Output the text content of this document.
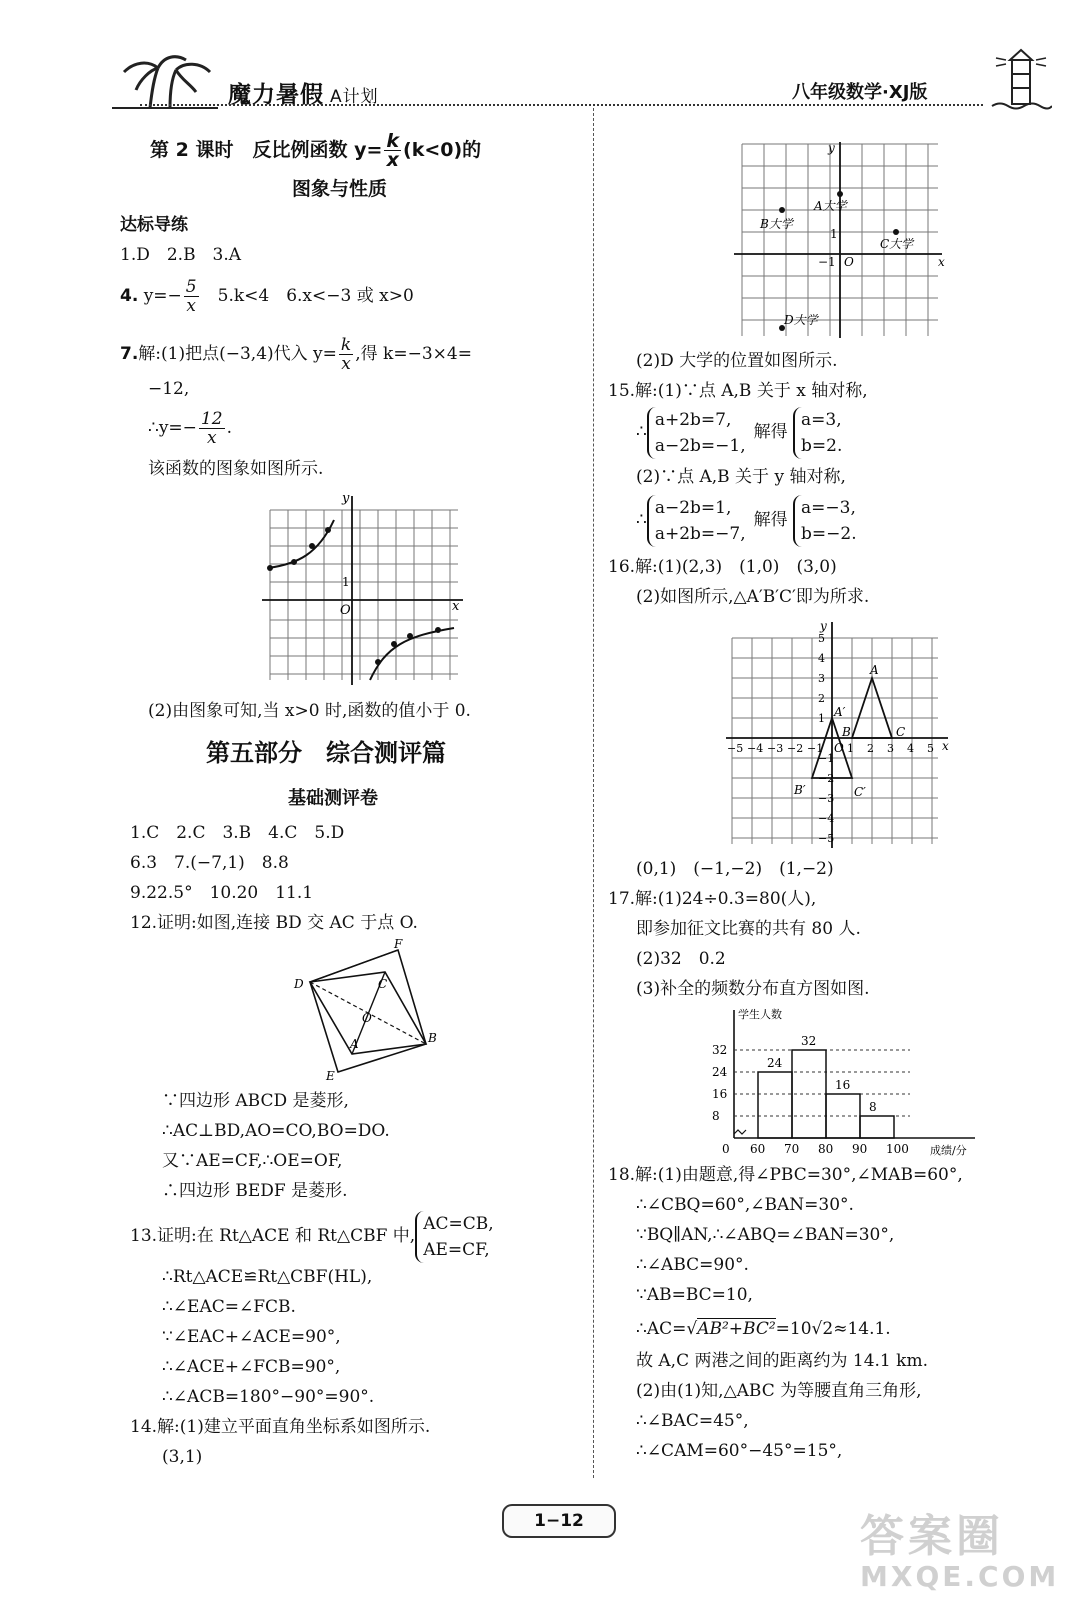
魔力暑假 A计划	八年级数学·XJ版
第 2 课时　反比例函数 $y= \frac{k}{x} (k<0)$的
图象与性质
达标导练
1.D　2.B　3.A
4. $y=- \frac{5}{x}$
　 5.k<4　6.x<−3 或 x>0
7.解:(1)把点(−3,4)代入 $y= \frac{k}{x}$ ,得 k=−3×4=
−12,
∴y=− $\frac{12}{x}$ .
该函数的图象如图所示.
y
x
O
1
(2)由图象可知,当 x>0 时,函数的值小于 0.
第五部分　综合测评篇
基础测评卷
1.C　2.C　3.B　4.C　5.D
6.3　7.(−7,1)　8.8
9.22.5°　10.20　11.1
12.证明:如图,连接 BD 交 AC 于点 O.
F
D	C
O
A	B
E
∵四边形 ABCD 是菱形,
∴AC⊥BD,AO=CO,BO=DO.
又∵AE=CF,∴OE=OF,
∴四边形 BEDF 是菱形.
13.证明:在 Rt△ACE 和 Rt△CBF 中,
AC=CB,
AE=CF,
∴Rt△ACE≌Rt△CBF(HL),
∴∠EAC=∠FCB.
∵∠EAC+∠ACE=90°,
∴∠ACE+∠FCB=90°,
∴∠ACB=180°−90°=90°.
14.解:(1)建立平面直角坐标系如图所示.
(3,1)
y
x
A大学
B大学
C大学
D大学
1
−1 O
(2)D 大学的位置如图所示.
15.解:(1)∵点 A,B 关于 x 轴对称,
∴
a+2b=7,
a−2b=−1,
解得
a=3,
b=2.
(2)∵点 A,B 关于 y 轴对称,
∴
a−2b=1,
a+2b=−7,
解得
a=−3,
b=−2.
16.解:(1)(2,3)　(1,0)　(3,0)
(2)如图所示,△A′B′C′即为所求.
y
x
O
A
B	C
A′
B′	C′
−5 −4 −3 −2 −1 1 2 3 4 5
5
4
3
2
1
−1
−2
−3
−4
−5
(0,1)　(−1,−2)　(1,−2)
17.解:(1)24÷0.3=80(人),
即参加征文比赛的共有 80 人.
(2)32　0.2
(3)补全的频数分布直方图如图.
学生人数
成绩/分
8
16
24
32
24
32
16
8
0 60 70 80 90 100
18.解:(1)由题意,得∠PBC=30°,∠MAB=60°,
∴∠CBQ=60°,∠BAN=30°.
∵BQ∥AN,∴∠ABQ=∠BAN=30°,
∴∠ABC=90°.
∵AB=BC=10,
∴AC=√AB²+BC²=10√2≈14.1.
故 A,C 两港之间的距离约为 14.1 km.
(2)由(1)知,△ABC 为等腰直角三角形,
∴∠BAC=45°,
∴∠CAM=60°−45°=15°,
1−12	答案圈
MXQE.COM
